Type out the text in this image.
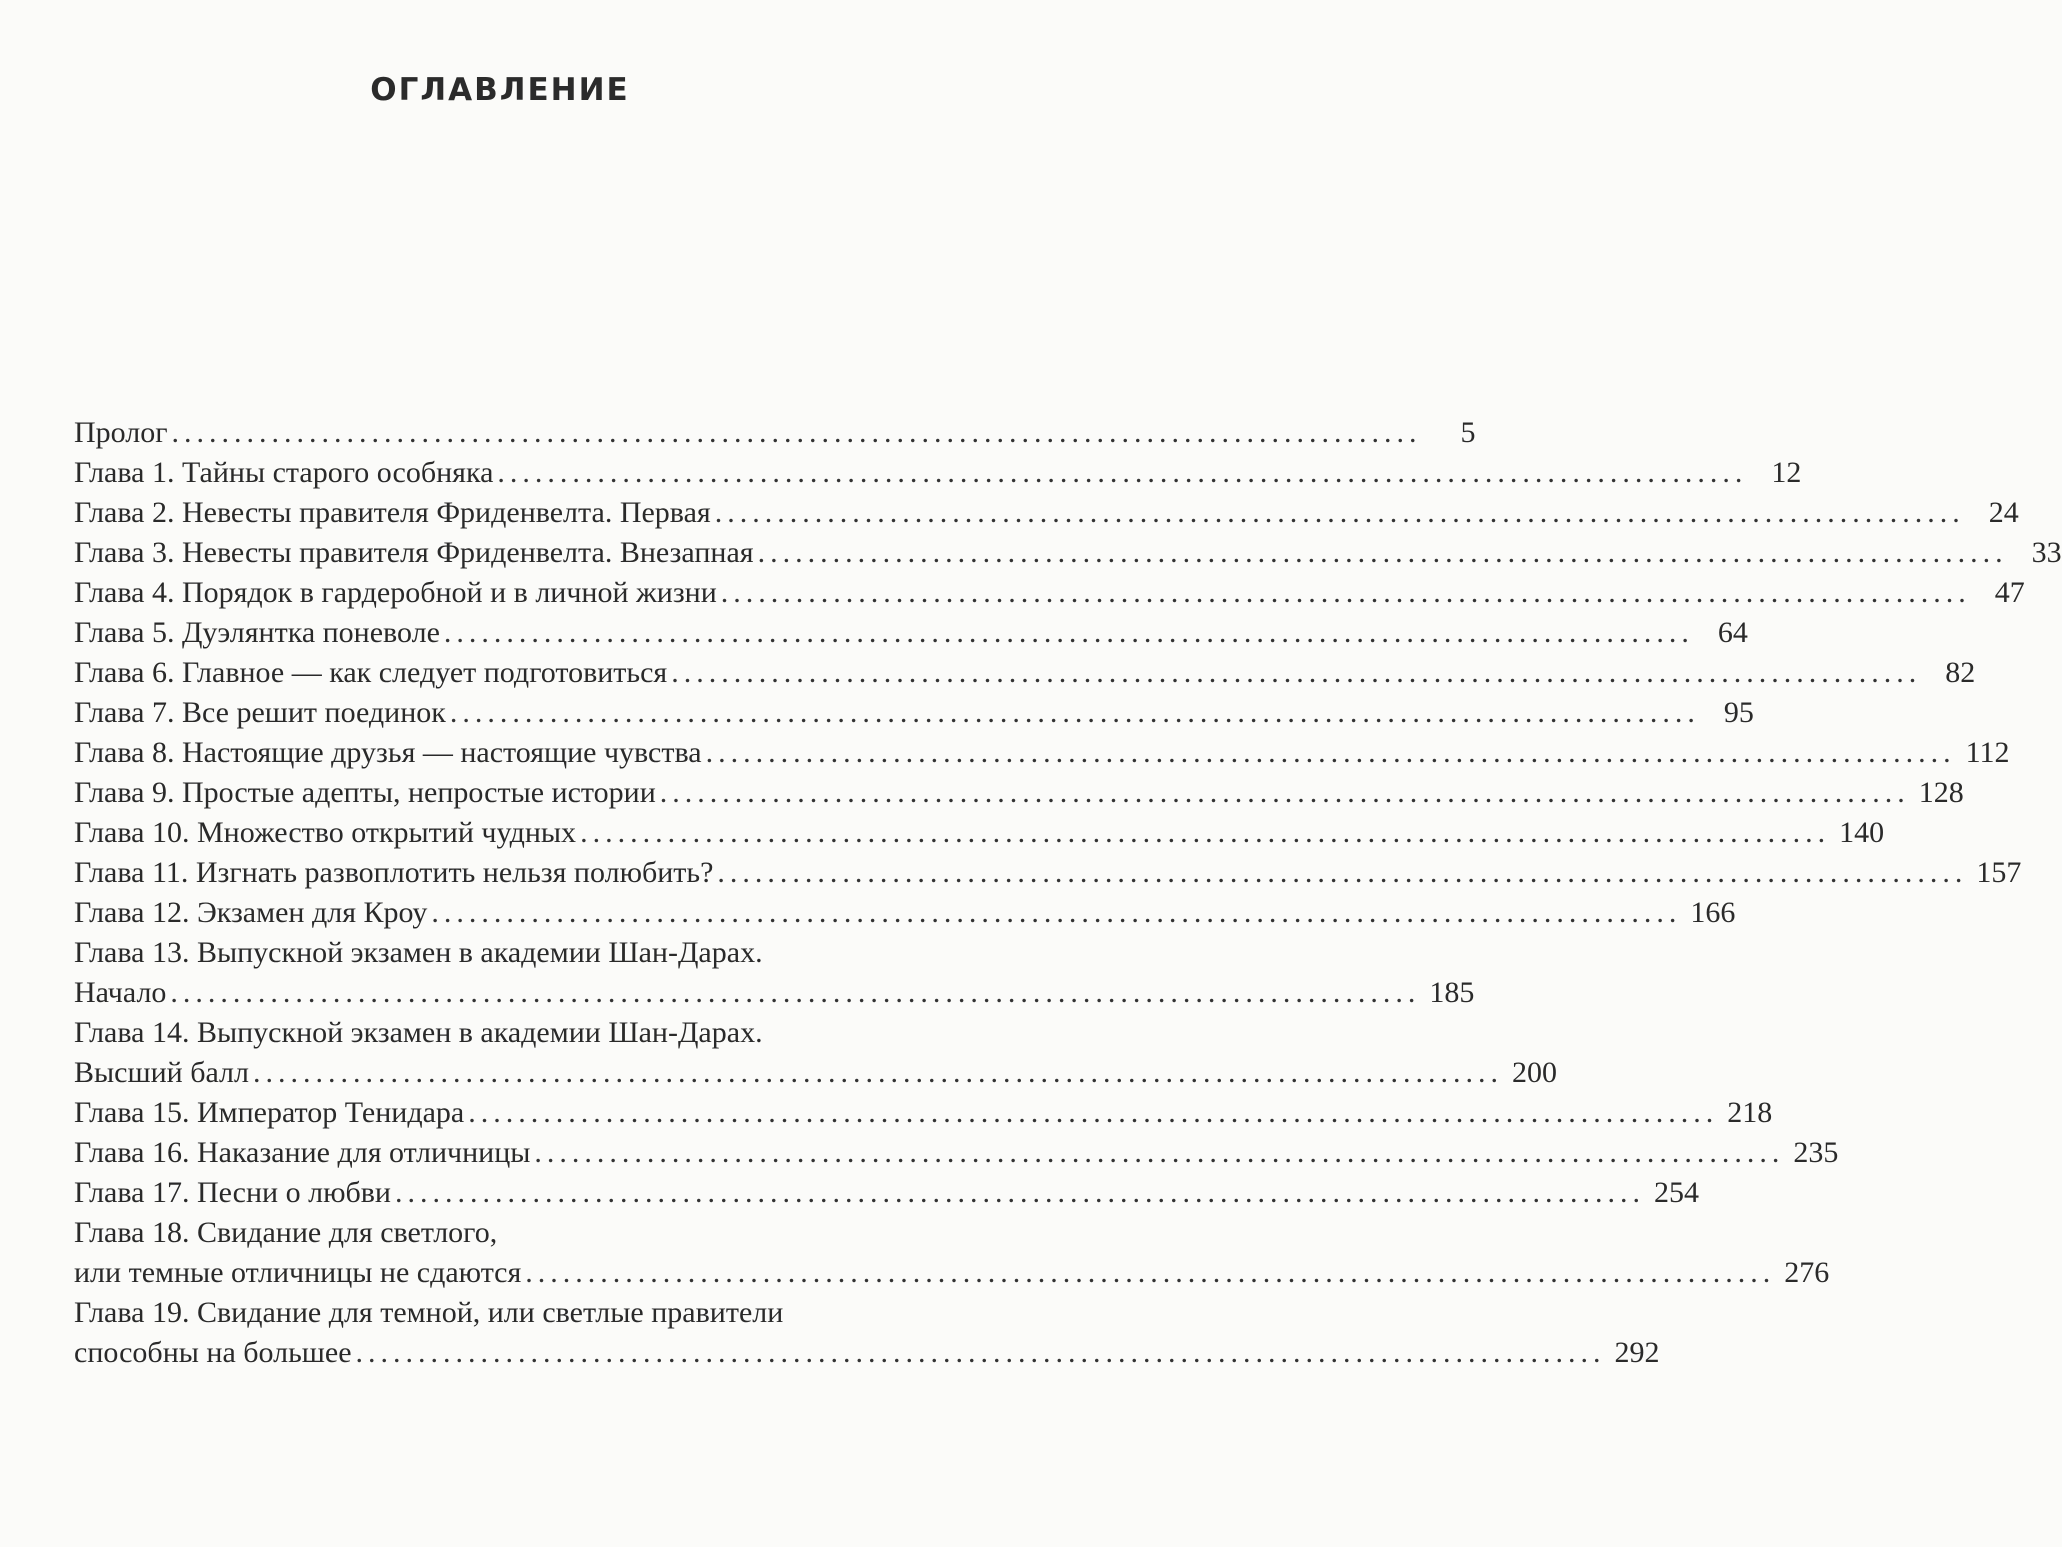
ОГЛАВЛЕНИЕ
Пролог ....................................................................................................	5
Глава 1. Тайны старого особняка .................................................................................................... 12
Глава 2. Невесты правителя Фриденвелта. Первая .................................................................................................... 24
Глава 3. Невесты правителя Фриденвелта. Внезапная .................................................................................................... 33
Глава 4. Порядок в гардеробной и в личной жизни .................................................................................................... 47
Глава 5. Дуэлянтка поневоле .................................................................................................... 64
Глава 6. Главное — как следует подготовиться .................................................................................................... 82
Глава 7. Все решит поединок .................................................................................................... 95
Глава 8. Настоящие друзья — настоящие чувства .................................................................................................... 112
Глава 9. Простые адепты, непростые истории .................................................................................................... 128
Глава 10. Множество открытий чудных .................................................................................................... 140
Глава 11. Изгнать развоплотить нельзя полюбить? .................................................................................................... 157
Глава 12. Экзамен для Кроу .................................................................................................... 166
Глава 13. Выпускной экзамен в академии Шан-Дарах.
Начало .................................................................................................... 185
Глава 14. Выпускной экзамен в академии Шан-Дарах.
Высший балл .................................................................................................... 200
Глава 15. Император Тенидара .................................................................................................... 218
Глава 16. Наказание для отличницы .................................................................................................... 235
Глава 17. Песни о любви .................................................................................................... 254
Глава 18. Свидание для светлого,
или темные отличницы не сдаются .................................................................................................... 276
Глава 19. Свидание для темной, или светлые правители
способны на большее .................................................................................................... 292
